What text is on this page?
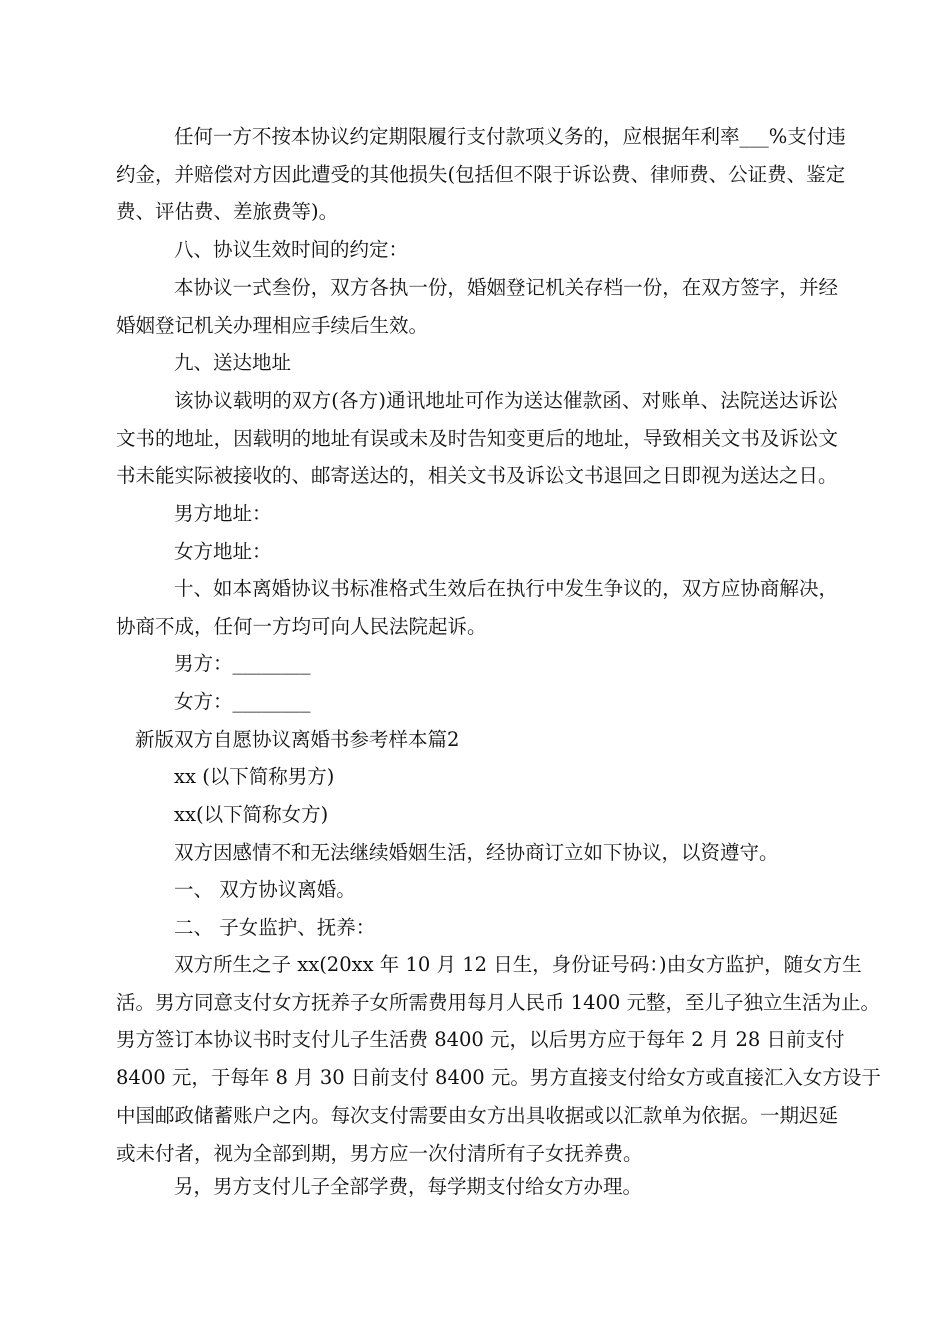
任何一方不按本协议约定期限履行支付款项义务的，应根据年利率___%支付违
约金，并赔偿对方因此遭受的其他损失(包括但不限于诉讼费、律师费、公证费、鉴定
费、评估费、差旅费等)。

八、协议生效时间的约定：

本协议一式叁份，双方各执一份，婚姻登记机关存档一份，在双方签字，并经
婚姻登记机关办理相应手续后生效。

九、送达地址

该协议载明的双方(各方)通讯地址可作为送达催款函、对账单、法院送达诉讼
文书的地址，因载明的地址有误或未及时告知变更后的地址，导致相关文书及诉讼文
书未能实际被接收的、邮寄送达的，相关文书及诉讼文书退回之日即视为送达之日。

男方地址：

女方地址：

十、如本离婚协议书标准格式生效后在执行中发生争议的，双方应协商解决，
协商不成，任何一方均可向人民法院起诉。

男方：________

女方：________

新版双方自愿协议离婚书参考样本篇2

xx (以下简称男方)

xx(以下简称女方)

双方因感情不和无法继续婚姻生活，经协商订立如下协议，以资遵守。

一、 双方协议离婚。

二、 子女监护、抚养：

双方所生之子 xx(20xx 年 10 月 12 日生，身份证号码：)由女方监护，随女方生
活。男方同意支付女方抚养子女所需费用每月人民币 1400 元整，至儿子独立生活为止。
男方签订本协议书时支付儿子生活费 8400 元，以后男方应于每年 2 月 28 日前支付
8400 元，于每年 8 月 30 日前支付 8400 元。男方直接支付给女方或直接汇入女方设于
中国邮政储蓄账户之内。每次支付需要由女方出具收据或以汇款单为依据。一期迟延
或未付者，视为全部到期，男方应一次付清所有子女抚养费。

另，男方支付儿子全部学费，每学期支付给女方办理。
